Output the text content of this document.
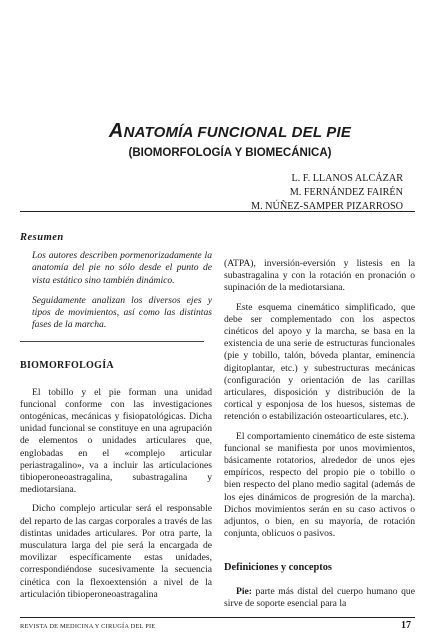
ANATOMÍA FUNCIONAL DEL PIE
(BIOMORFOLOGÍA Y BIOMECÁNICA)
L. F. LLANOS ALCÁZAR
M. FERNÁNDEZ FAIRÉN
M. NÚÑEZ-SAMPER PIZARROSO
Resumen

Los autores describen pormenorizadamente la anatomía del pie no sólo desde el punto de vista estático sino también dinámico.

Seguidamente analizan los diversos ejes y tipos de movimientos, así como las distintas fases de la marcha.

BIOMORFOLOGÍA

El tobillo y el pie forman una unidad funcional conforme con las investigaciones ontogénicas, mecánicas y fisiopatológicas. Dicha unidad funcional se constituye en una agrupación de elementos o unidades articulares que, englobadas en el «complejo articular periastragalino», va a incluir las articulaciones tibioperoneoastragalina, subastragalina y mediotarsiana.

Dicho complejo articular será el responsable del reparto de las cargas corporales a través de las distintas unidades articulares. Por otra parte, la musculatura larga del pie será la encargada de movilizar específicamente estas unidades, correspondiéndose sucesivamente la secuencia cinética con la flexoextensión a nivel de la articulación tibioperoneoastragalina

(ATPA), inversión-eversión y listesis en la subastragalina y con la rotación en pronación o supinación de la mediotarsiana.

Este esquema cinemático simplificado, que debe ser complementado con los aspectos cinéticos del apoyo y la marcha, se basa en la existencia de una serie de estructuras funcionales (pie y tobillo, talón, bóveda plantar, eminencia digitoplantar, etc.) y subestructuras mecánicas (configuración y orientación de las carillas articulares, disposición y distribución de la cortical y esponjosa de los huesos, sistemas de retención o estabilización osteoarticulares, etc.).

El comportamiento cinemático de este sistema funcional se manifiesta por unos movimientos, básicamente rotatorios, alrededor de unos ejes empíricos, respecto del propio pie o tobillo o bien respecto del plano medio sagital (además de los ejes dinámicos de progresión de la marcha). Dichos movimientos serán en su caso activos o adjuntos, o bien, en su mayoría, de rotación conjunta, oblicuos o pasivos.

Definiciones y conceptos

Pie: parte más distal del cuerpo humano que sirve de soporte esencial para la

REVISTA DE MEDICINA Y CIRUGÍA DEL PIE	17
